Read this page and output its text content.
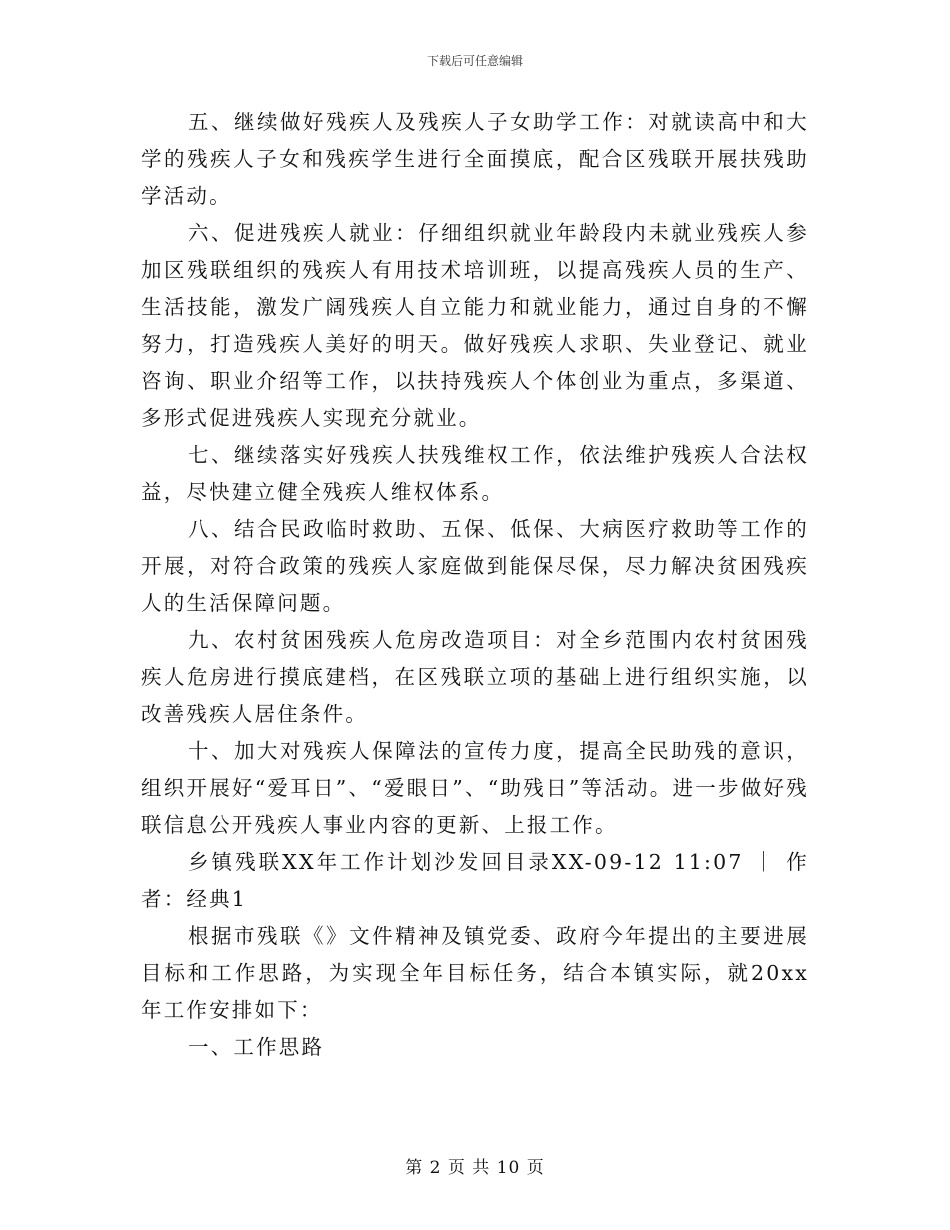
下载后可任意编辑

五、继续做好残疾人及残疾人子女助学工作：对就读高中和大学的残疾人子女和残疾学生进行全面摸底，配合区残联开展扶残助学活动。

六、促进残疾人就业：仔细组织就业年龄段内未就业残疾人参加区残联组织的残疾人有用技术培训班，以提高残疾人员的生产、生活技能，激发广阔残疾人自立能力和就业能力，通过自身的不懈努力，打造残疾人美好的明天。做好残疾人求职、失业登记、就业咨询、职业介绍等工作，以扶持残疾人个体创业为重点，多渠道、多形式促进残疾人实现充分就业。

七、继续落实好残疾人扶残维权工作，依法维护残疾人合法权益，尽快建立健全残疾人维权体系。

八、结合民政临时救助、五保、低保、大病医疗救助等工作的开展，对符合政策的残疾人家庭做到能保尽保，尽力解决贫困残疾人的生活保障问题。

九、农村贫困残疾人危房改造项目：对全乡范围内农村贫困残疾人危房进行摸底建档，在区残联立项的基础上进行组织实施，以改善残疾人居住条件。

十、加大对残疾人保障法的宣传力度，提高全民助残的意识，组织开展好“爱耳日”、“爱眼日”、“助残日”等活动。进一步做好残联信息公开残疾人事业内容的更新、上报工作。

乡镇残联XX年工作计划沙发回目录XX-09-12 11:07 ｜ 作者：经典1

根据市残联《》文件精神及镇党委、政府今年提出的主要进展目标和工作思路，为实现全年目标任务，结合本镇实际，就20xx年工作安排如下：

一、工作思路

第 2 页 共 10 页
